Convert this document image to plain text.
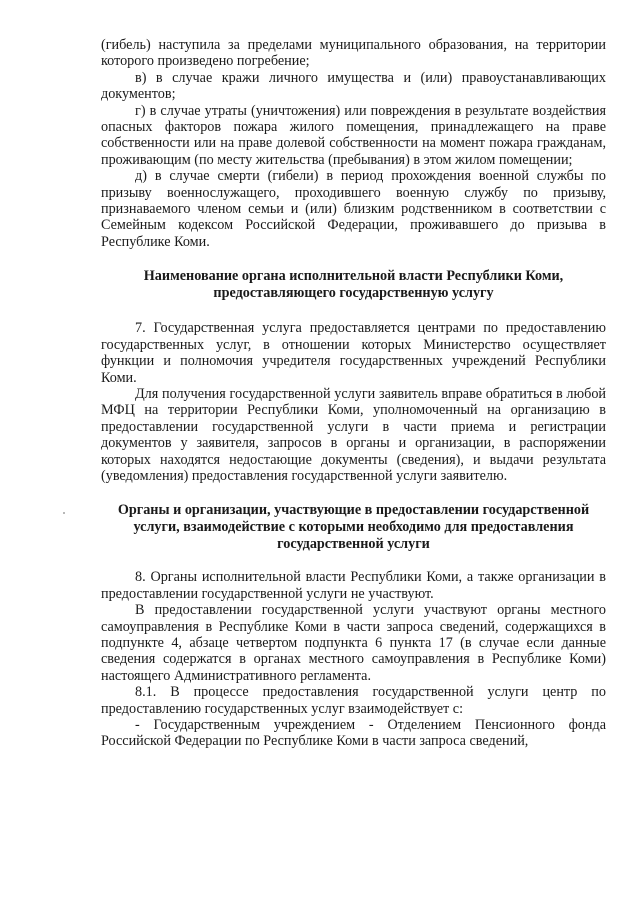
(гибель) наступила за пределами муниципального образования, на территории которого произведено погребение;

в) в случае кражи личного имущества и (или) правоустанавливающих документов;

г) в случае утраты (уничтожения) или повреждения в результате воздействия опасных факторов пожара жилого помещения, принадлежащего на праве собственности или на праве долевой собственности на момент пожара гражданам, проживающим (по месту жительства (пребывания) в этом жилом помещении;

д) в случае смерти (гибели) в период прохождения военной службы по призыву военнослужащего, проходившего военную службу по призыву, признаваемого членом семьи и (или) близким родственником в соответствии с Семейным кодексом Российской Федерации, проживавшего до призыва в Республике Коми.

Наименование органа исполнительной власти Республики Коми, предоставляющего государственную услугу

7. Государственная услуга предоставляется центрами по предоставлению государственных услуг, в отношении которых Министерство осуществляет функции и полномочия учредителя государственных учреждений Республики Коми.

Для получения государственной услуги заявитель вправе обратиться в любой МФЦ на территории Республики Коми, уполномоченный на организацию в предоставлении государственной услуги в части приема и регистрации документов у заявителя, запросов в органы и организации, в распоряжении которых находятся недостающие документы (сведения), и выдачи результата (уведомления) предоставления государственной услуги заявителю.

Органы и организации, участвующие в предоставлении государственной услуги, взаимодействие с которыми необходимо для предоставления государственной услуги

8. Органы исполнительной власти Республики Коми, а также организации в предоставлении государственной услуги не участвуют.

В предоставлении государственной услуги участвуют органы местного самоуправления в Республике Коми в части запроса сведений, содержащихся в подпункте 4, абзаце четвертом подпункта 6 пункта 17 (в случае если данные сведения содержатся в органах местного самоуправления в Республике Коми) настоящего Административного регламента.

8.1. В процессе предоставления государственной услуги центр по предоставлению государственных услуг взаимодействует с:

- Государственным учреждением - Отделением Пенсионного фонда Российской Федерации по Республике Коми в части запроса сведений,
